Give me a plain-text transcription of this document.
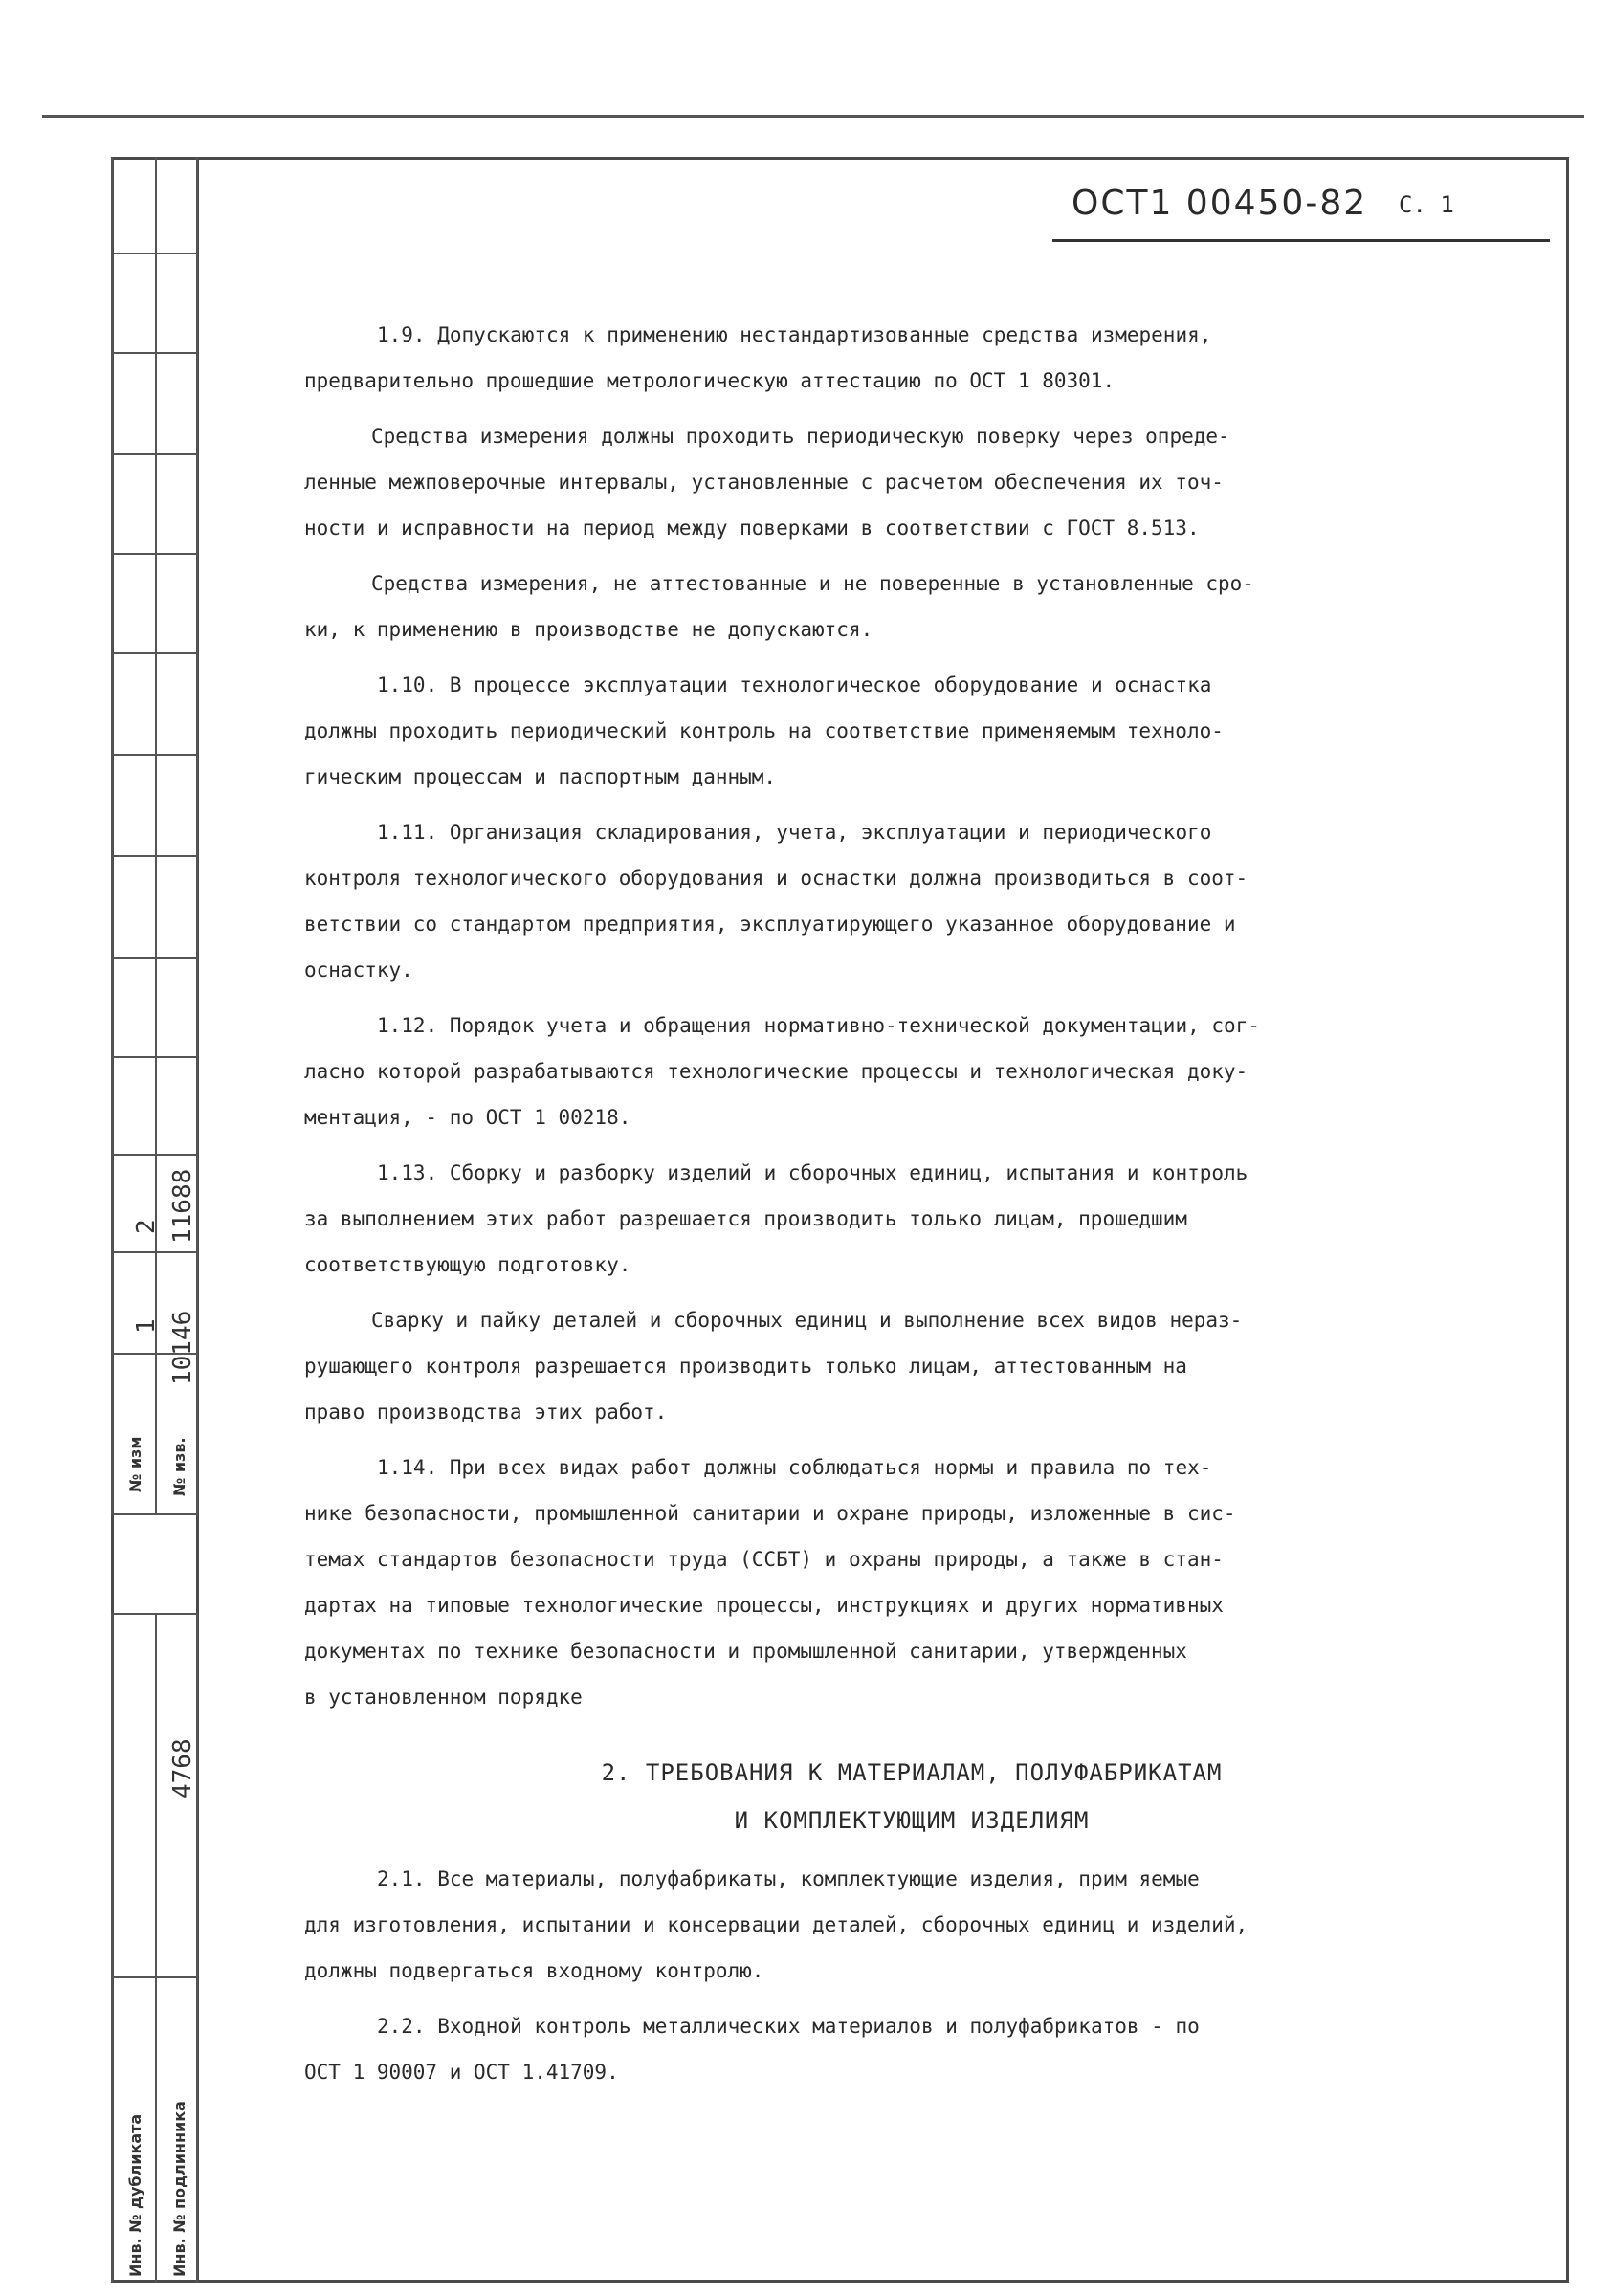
№ изм № изв.
1
2
10146
11688
Инв. № дубликата Инв. № подлинника
4768
ОСТ1 00450-82 С. 1

1.9. Допускаются к применению нестандартизованные средства измерения,

предварительно прошедшие метрологическую аттестацию по ОСТ 1 80301.

Средства измерения должны проходить периодическую поверку через опреде-

ленные межповерочные интервалы, установленные с расчетом обеспечения их точ-

ности и исправности на период между поверками в соответствии с ГОСТ 8.513.

Средства измерения, не аттестованные и не поверенные в установленные сро-

ки, к применению в производстве не допускаются.

1.10. В процессе эксплуатации технологическое оборудование и оснастка

должны проходить периодический контроль на соответствие применяемым техноло-

гическим процессам и паспортным данным.

1.11. Организация складирования, учета, эксплуатации и периодического

контроля технологического оборудования и оснастки должна производиться в соот-

ветствии со стандартом предприятия, эксплуатирующего указанное оборудование и

оснастку.

1.12. Порядок учета и обращения нормативно-технической документации, сог-

ласно которой разрабатываются технологические процессы и технологическая доку-

ментация, - по ОСТ 1 00218.

1.13. Сборку и разборку изделий и сборочных единиц, испытания и контроль

за выполнением этих работ разрешается производить только лицам, прошедшим

соответствующую подготовку.

Сварку и пайку деталей и сборочных единиц и выполнение всех видов нераз-

рушающего контроля разрешается производить только лицам, аттестованным на

право производства этих работ.

1.14. При всех видах работ должны соблюдаться нормы и правила по тех-

нике безопасности, промышленной санитарии и охране природы, изложенные в сис-

темах стандартов безопасности труда (ССБТ) и охраны природы, а также в стан-

дартах на типовые технологические процессы, инструкциях и других нормативных

документах по технике безопасности и промышленной санитарии, утвержденных

в установленном порядке

2. ТРЕБОВАНИЯ К МАТЕРИАЛАМ, ПОЛУФАБРИКАТАМ
И КОМПЛЕКТУЮЩИМ ИЗДЕЛИЯМ

2.1. Все материалы, полуфабрикаты, комплектующие изделия, прим яемые

для изготовления, испытании и консервации деталей, сборочных единиц и изделий,

должны подвергаться входному контролю.

2.2. Входной контроль металлических материалов и полуфабрикатов - по

ОСТ 1 90007 и ОСТ 1.41709.
